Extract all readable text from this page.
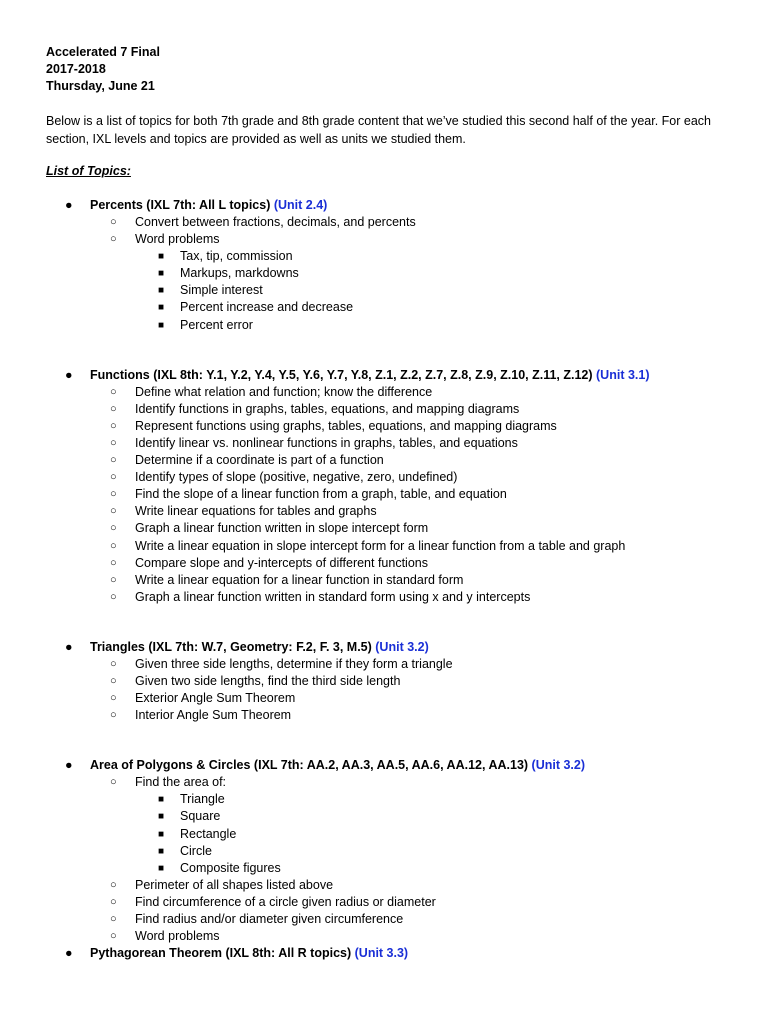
Accelerated 7 Final
2017-2018
Thursday, June 21
Below is a list of topics for both 7th grade and 8th grade content that we’ve studied this second half of the year. For each section, IXL levels and topics are provided as well as units we studied them.
List of Topics:
● Percents (IXL 7th: All L topics) (Unit 2.4)
○ Convert between fractions, decimals, and percents
○ Word problems
■ Tax, tip, commission
■ Markups, markdowns
■ Simple interest
■ Percent increase and decrease
■ Percent error
● Functions (IXL 8th: Y.1, Y.2, Y.4, Y.5, Y.6, Y.7, Y.8, Z.1, Z.2, Z.7, Z.8, Z.9, Z.10, Z.11, Z.12) (Unit 3.1)
○ Define what relation and function; know the difference
○ Identify functions in graphs, tables, equations, and mapping diagrams
○ Represent functions using graphs, tables, equations, and mapping diagrams
○ Identify linear vs. nonlinear functions in graphs, tables, and equations
○ Determine if a coordinate is part of a function
○ Identify types of slope (positive, negative, zero, undefined)
○ Find the slope of a linear function from a graph, table, and equation
○ Write linear equations for tables and graphs
○ Graph a linear function written in slope intercept form
○ Write a linear equation in slope intercept form for a linear function from a table and graph
○ Compare slope and y-intercepts of different functions
○ Write a linear equation for a linear function in standard form
○ Graph a linear function written in standard form using x and y intercepts
● Triangles (IXL 7th: W.7, Geometry: F.2, F. 3, M.5) (Unit 3.2)
○ Given three side lengths, determine if they form a triangle
○ Given two side lengths, find the third side length
○ Exterior Angle Sum Theorem
○ Interior Angle Sum Theorem
● Area of Polygons & Circles (IXL 7th: AA.2, AA.3, AA.5, AA.6, AA.12, AA.13) (Unit 3.2)
○ Find the area of:
■ Triangle
■ Square
■ Rectangle
■ Circle
■ Composite figures
○ Perimeter of all shapes listed above
○ Find circumference of a circle given radius or diameter
○ Find radius and/or diameter given circumference
○ Word problems
● Pythagorean Theorem (IXL 8th: All R topics) (Unit 3.3)
